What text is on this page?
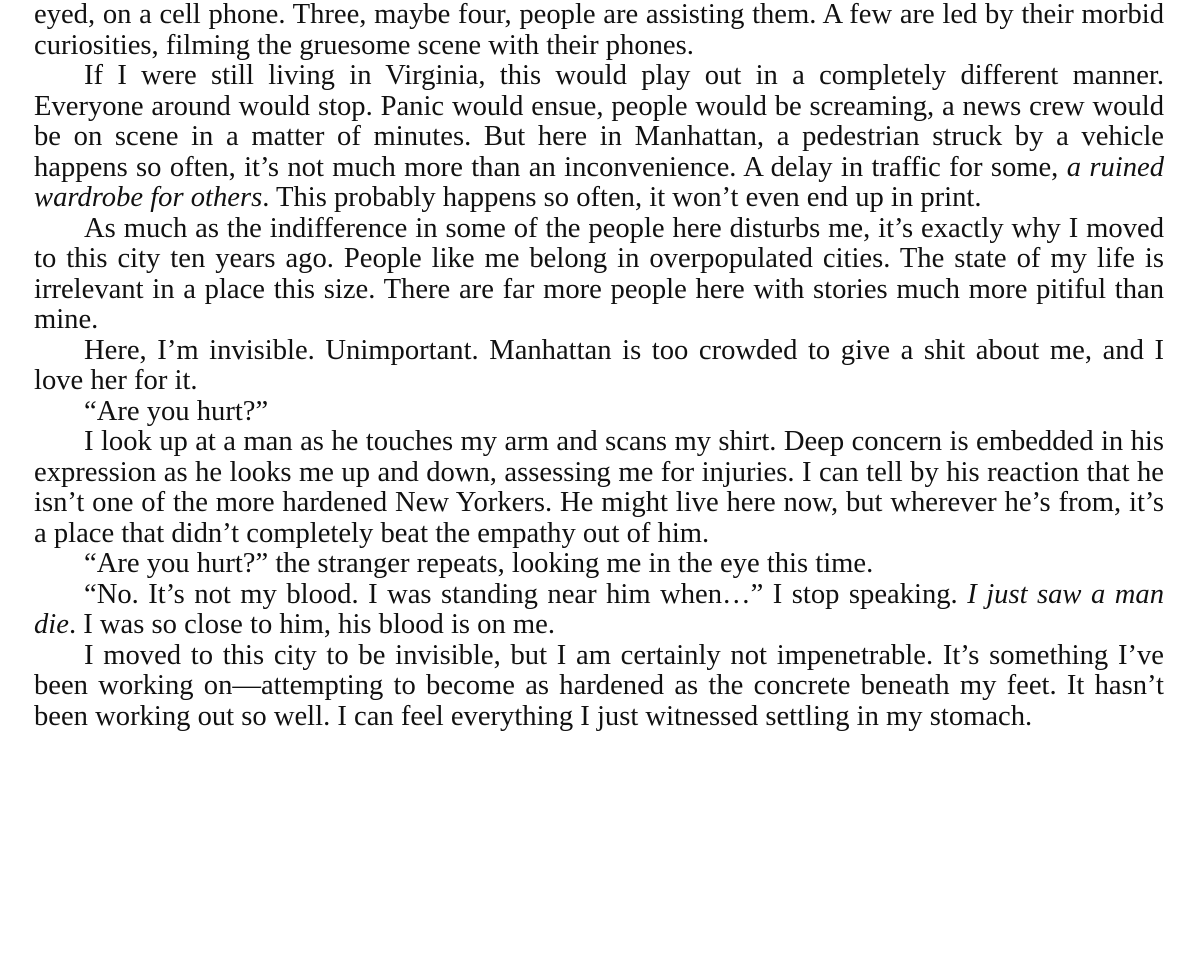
eyed, on a cell phone. Three, maybe four, people are assisting them. A few are led by their morbid curiosities, filming the gruesome scene with their phones.

If I were still living in Virginia, this would play out in a completely different manner. Everyone around would stop. Panic would ensue, people would be screaming, a news crew would be on scene in a matter of minutes. But here in Manhattan, a pedestrian struck by a vehicle happens so often, it’s not much more than an inconvenience. A delay in traffic for some, a ruined wardrobe for others. This probably happens so often, it won’t even end up in print.

As much as the indifference in some of the people here disturbs me, it’s exactly why I moved to this city ten years ago. People like me belong in overpopulated cities. The state of my life is irrelevant in a place this size. There are far more people here with stories much more pitiful than mine.

Here, I’m invisible. Unimportant. Manhattan is too crowded to give a shit about me, and I love her for it.

“Are you hurt?”

I look up at a man as he touches my arm and scans my shirt. Deep concern is embedded in his expression as he looks me up and down, assessing me for injuries. I can tell by his reaction that he isn’t one of the more hardened New Yorkers. He might live here now, but wherever he’s from, it’s a place that didn’t completely beat the empathy out of him.

“Are you hurt?” the stranger repeats, looking me in the eye this time.

“No. It’s not my blood. I was standing near him when…” I stop speaking. I just saw a man die. I was so close to him, his blood is on me.

I moved to this city to be invisible, but I am certainly not impenetrable. It’s something I’ve been working on—attempting to become as hardened as the concrete beneath my feet. It hasn’t been working out so well. I can feel everything I just witnessed settling in my stomach.
